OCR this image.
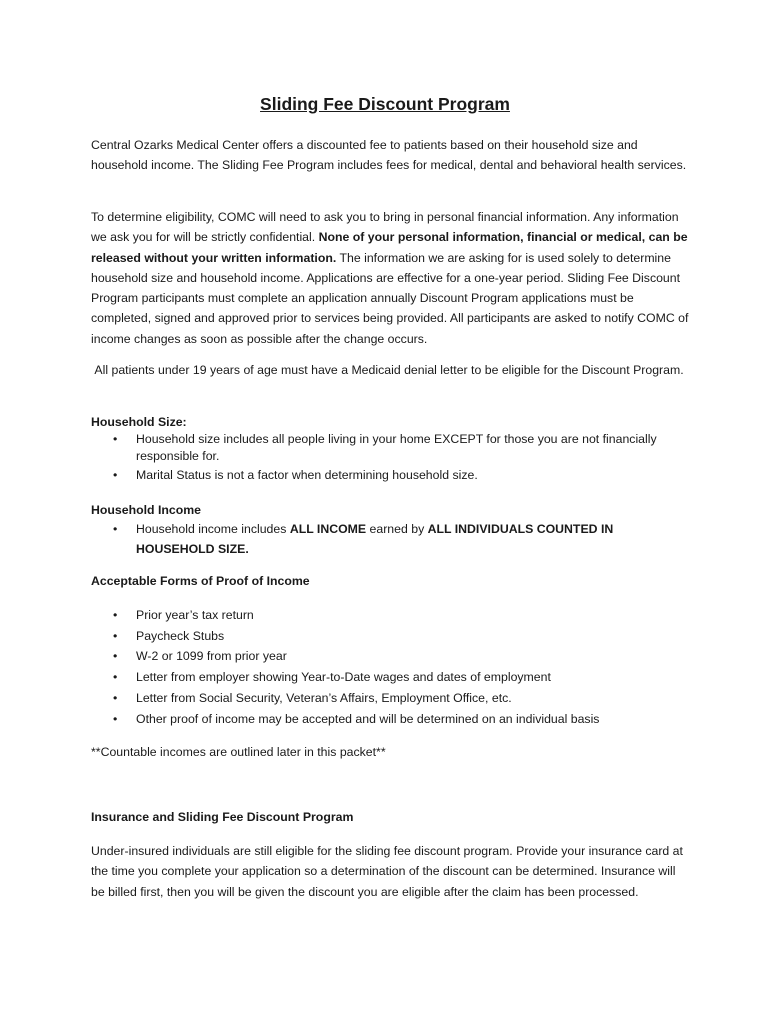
Sliding Fee Discount Program

Central Ozarks Medical Center offers a discounted fee to patients based on their household size and household income. The Sliding Fee Program includes fees for medical, dental and behavioral health services.

To determine eligibility, COMC will need to ask you to bring in personal financial information. Any information we ask you for will be strictly confidential. None of your personal information, financial or medical, can be released without your written information. The information we are asking for is used solely to determine household size and household income. Applications are effective for a one-year period. Sliding Fee Discount Program participants must complete an application annually Discount Program applications must be completed, signed and approved prior to services being provided. All participants are asked to notify COMC of income changes as soon as possible after the change occurs.

All patients under 19 years of age must have a Medicaid denial letter to be eligible for the Discount Program.

Household Size:
• Household size includes all people living in your home EXCEPT for those you are not financially responsible for.
• Marital Status is not a factor when determining household size.
Household Income
• Household income includes ALL INCOME earned by ALL INDIVIDUALS COUNTED IN HOUSEHOLD SIZE.
Acceptable Forms of Proof of Income
• Prior year’s tax return
• Paycheck Stubs
• W-2 or 1099 from prior year
• Letter from employer showing Year-to-Date wages and dates of employment
• Letter from Social Security, Veteran’s Affairs, Employment Office, etc.
• Other proof of income may be accepted and will be determined on an individual basis

**Countable incomes are outlined later in this packet**

Insurance and Sliding Fee Discount Program

Under-insured individuals are still eligible for the sliding fee discount program. Provide your insurance card at the time you complete your application so a determination of the discount can be determined. Insurance will be billed first, then you will be given the discount you are eligible after the claim has been processed.
